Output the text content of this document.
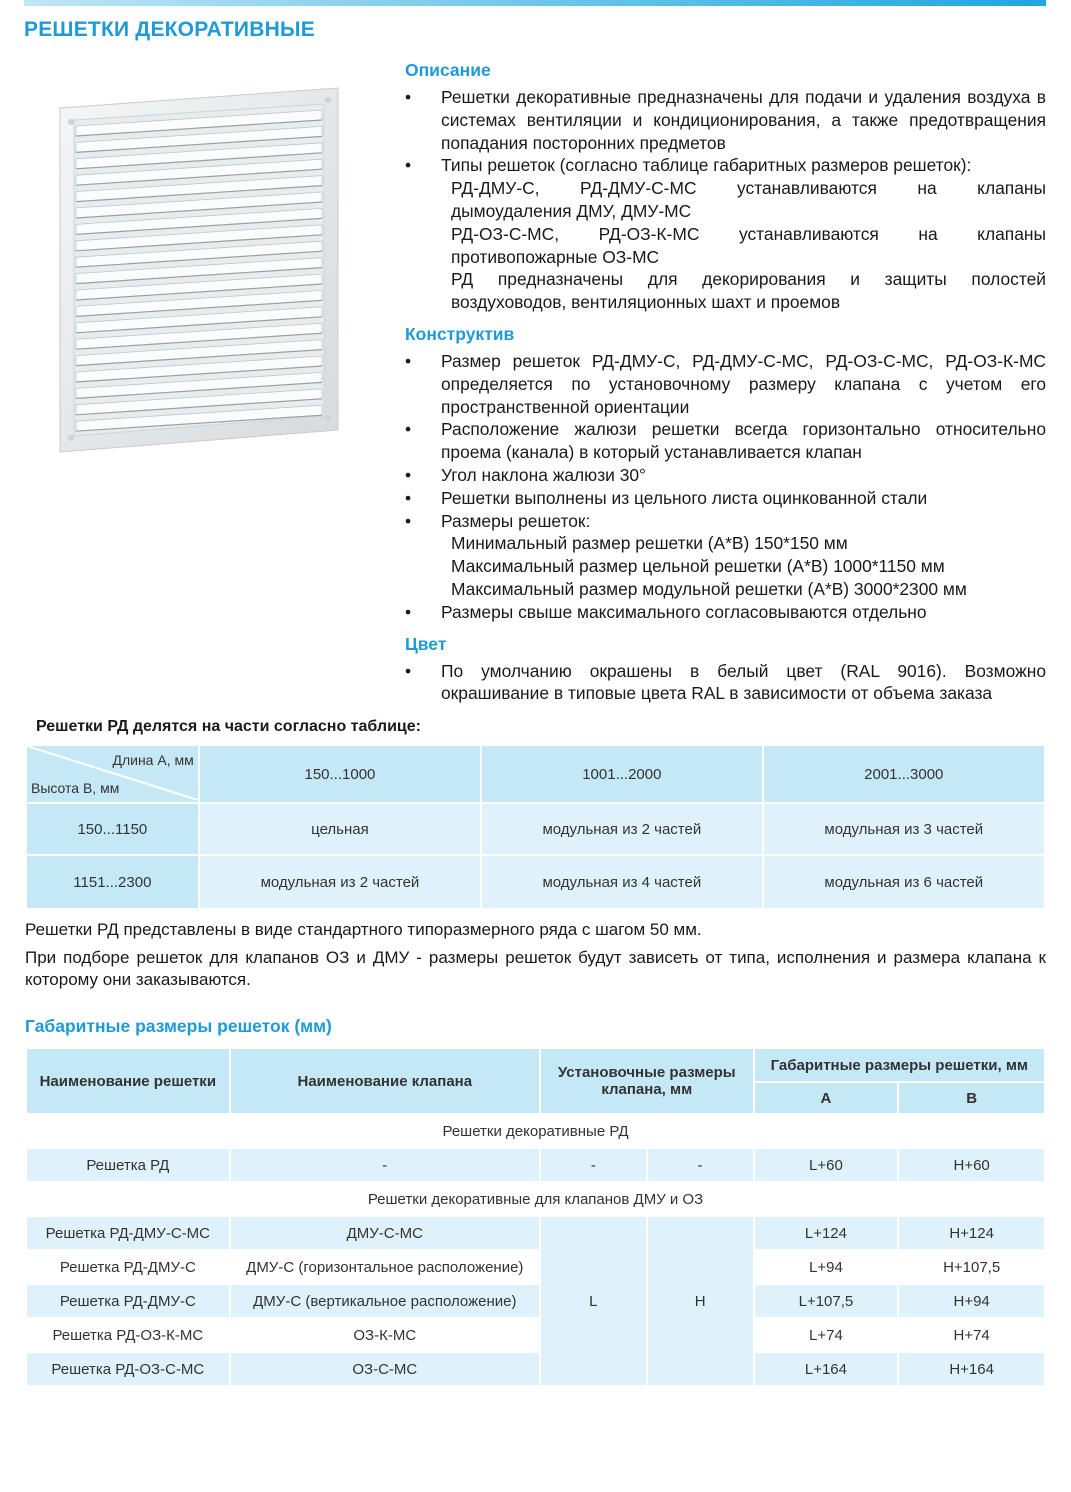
РЕШЕТКИ ДЕКОРАТИВНЫЕ
Описание
• Решетки декоративные предназначены для подачи и удаления воздуха в системах вентиляции и кондиционирования, а также предотвращения попадания посторонних предметов
• Типы решеток (согласно таблице габаритных размеров решеток):
РД-ДМУ-С, РД-ДМУ-С-МС устанавливаются на клапаны
дымоудаления ДМУ, ДМУ-МС
РД-ОЗ-С-МС, РД-ОЗ-К-МС устанавливаются на клапаны
противопожарные ОЗ-МС
РД предназначены для декорирования и защиты полостей
воздуховодов, вентиляционных шахт и проемов
Конструктив
• Размер решеток РД-ДМУ-С, РД-ДМУ-С-МС, РД-ОЗ-С-МС, РД-ОЗ-К-МС определяется по установочному размеру клапана с учетом его пространственной ориентации
• Расположение жалюзи решетки всегда горизонтально относительно проема (канала) в который устанавливается клапан
• Угол наклона жалюзи 30°
• Решетки выполнены из цельного листа оцинкованной стали
• Размеры решеток:
Минимальный размер решетки (А*В) 150*150 мм
Максимальный размер цельной решетки (А*В) 1000*1150 мм
Максимальный размер модульной решетки (А*В) 3000*2300 мм
• Размеры свыше максимального согласовываются отдельно
Цвет
• По умолчанию окрашены в белый цвет (RAL 9016). Возможно окрашивание в типовые цвета RAL в зависимости от объема заказа

Решетки РД делятся на части согласно таблице:

Длина А, мм
Высота В, мм	150...1000	1001...2000	2001...3000
150...1150	цельная	модульная из 2 частей	модульная из 3 частей
1151...2300	модульная из 2 частей	модульная из 4 частей	модульная из 6 частей

Решетки РД представлены в виде стандартного типоразмерного ряда с шагом 50 мм.

При подборе решеток для клапанов ОЗ и ДМУ - размеры решеток будут зависеть от типа, исполнения и размера клапана к которому они заказываются.

Габаритные размеры решеток (мм)
Наименование решетки	Наименование клапана	Установочные размеры клапана, мм		Габаритные размеры решетки, мм	
				А	В
Решетки декоративные РД					
Решетка РД	-	-	-	L+60	H+60
Решетки декоративные для клапанов ДМУ и ОЗ					
Решетка РД-ДМУ-С-МС	ДМУ-С-МС	L	H	L+124	H+124
Решетка РД-ДМУ-С	ДМУ-С (горизонтальное расположение)			L+94	H+107,5
Решетка РД-ДМУ-С	ДМУ-С (вертикальное расположение)			L+107,5	H+94
Решетка РД-ОЗ-К-МС	ОЗ-К-МС			L+74	H+74
Решетка РД-ОЗ-С-МС	ОЗ-С-МС			L+164	H+164
